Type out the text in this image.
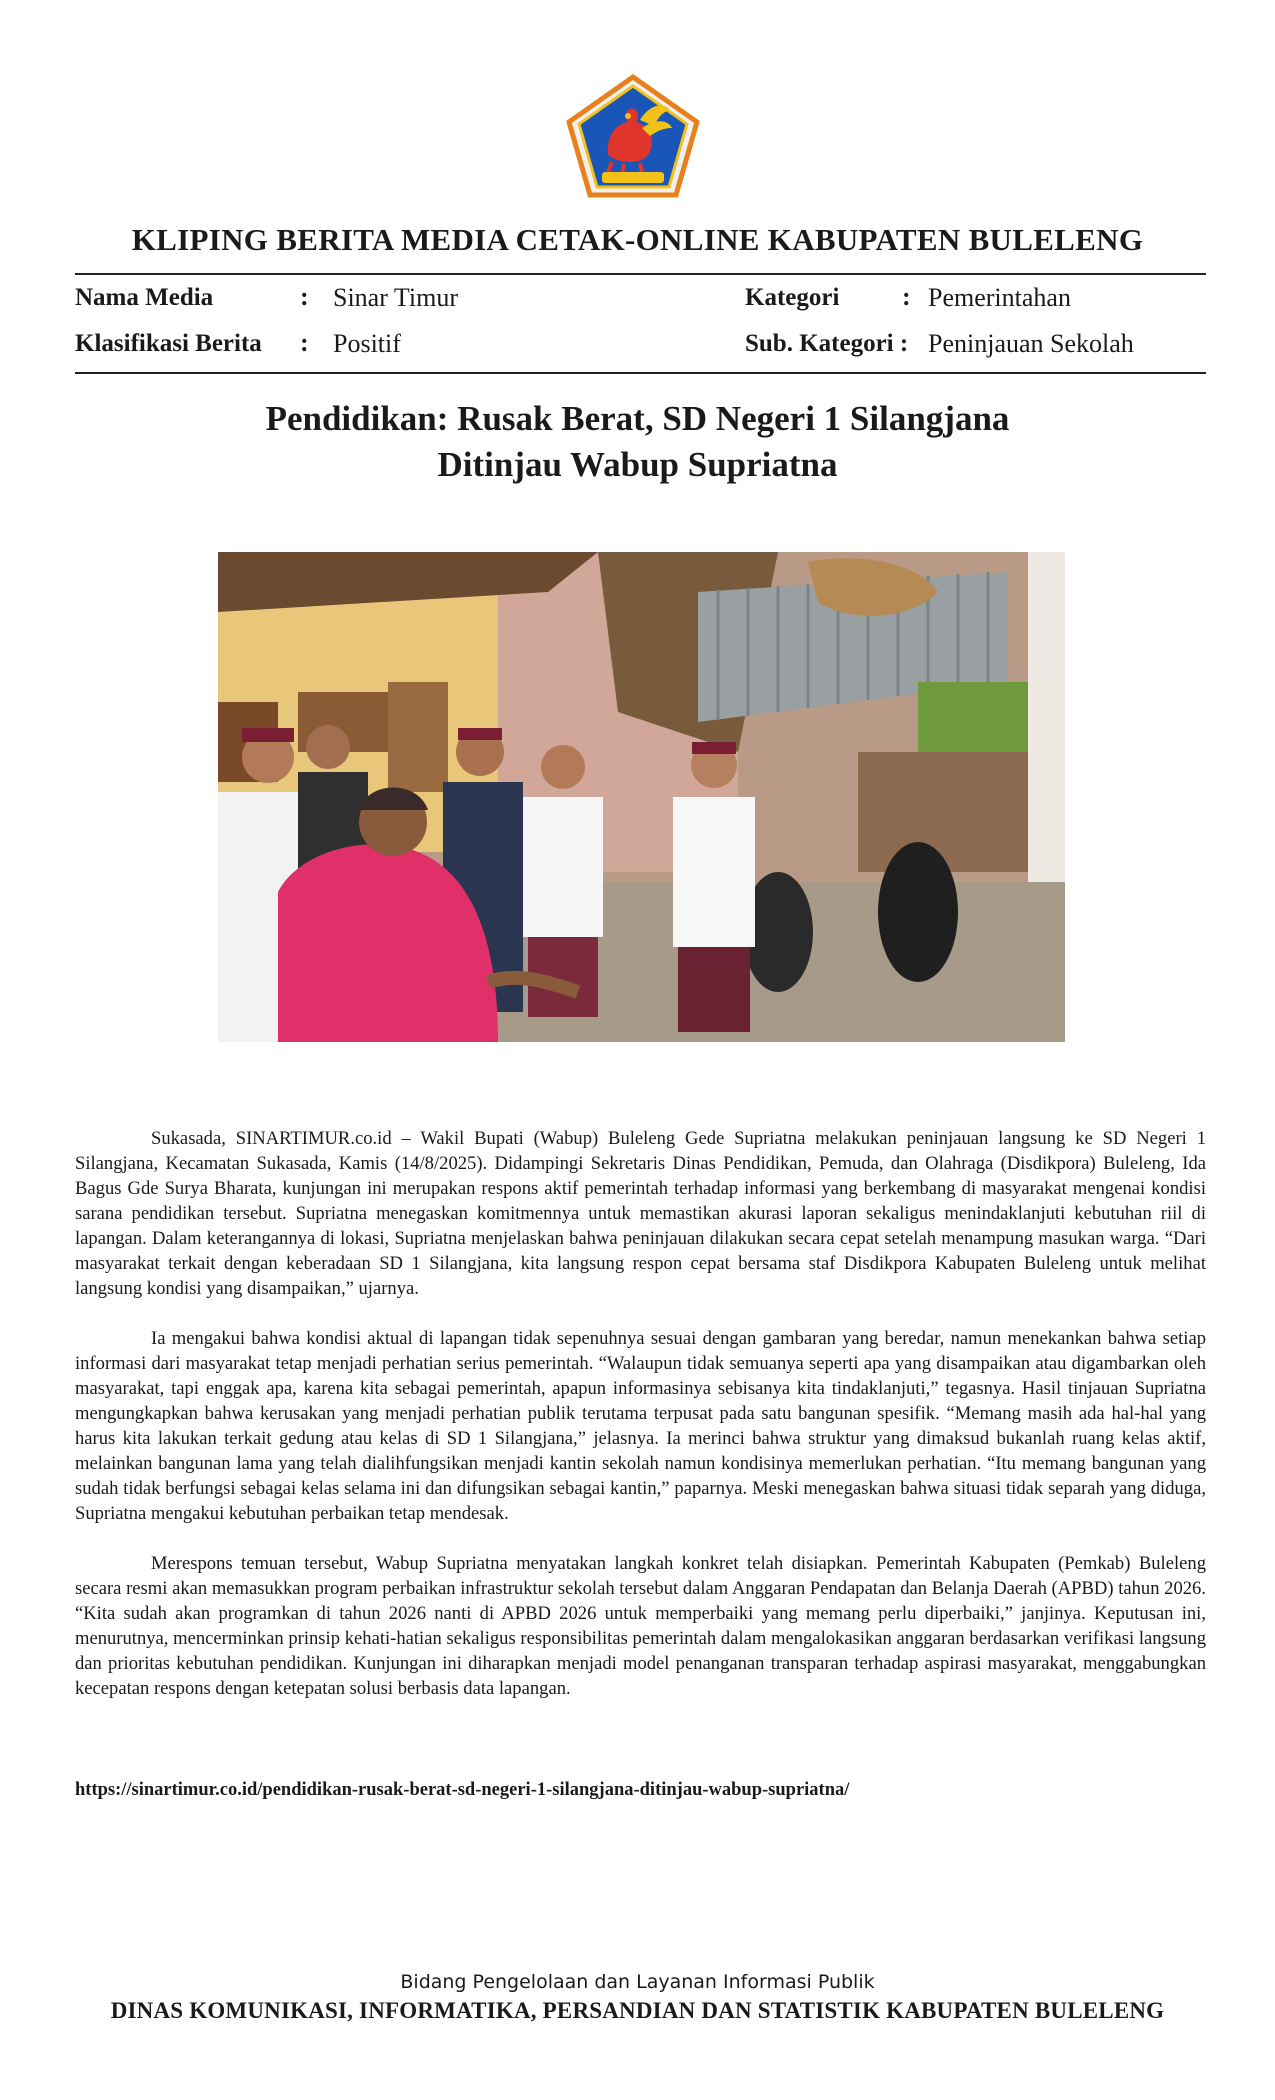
KLIPING BERITA MEDIA CETAK-ONLINE KABUPATEN BULELENG
Nama Media	: Sinar Timur	Kategori : Pemerintahan
Klasifikasi Berita : Positif	Sub. Kategori : Peninjauan Sekolah
Pendidikan: Rusak Berat, SD Negeri 1 Silangjana
Ditinjau Wabup Supriatna

Sukasada, SINARTIMUR.co.id – Wakil Bupati (Wabup) Buleleng Gede Supriatna melakukan peninjauan langsung ke SD Negeri 1 Silangjana, Kecamatan Sukasada, Kamis (14/8/2025). Didampingi Sekretaris Dinas Pendidikan, Pemuda, dan Olahraga (Disdikpora) Buleleng, Ida Bagus Gde Surya Bharata, kunjungan ini merupakan respons aktif pemerintah terhadap informasi yang berkembang di masyarakat mengenai kondisi sarana pendidikan tersebut. Supriatna menegaskan komitmennya untuk memastikan akurasi laporan sekaligus menindaklanjuti kebutuhan riil di lapangan. Dalam keterangannya di lokasi, Supriatna menjelaskan bahwa peninjauan dilakukan secara cepat setelah menampung masukan warga. “Dari masyarakat terkait dengan keberadaan SD 1 Silangjana, kita langsung respon cepat bersama staf Disdikpora Kabupaten Buleleng untuk melihat langsung kondisi yang disampaikan,” ujarnya.

Ia mengakui bahwa kondisi aktual di lapangan tidak sepenuhnya sesuai dengan gambaran yang beredar, namun menekankan bahwa setiap informasi dari masyarakat tetap menjadi perhatian serius pemerintah. “Walaupun tidak semuanya seperti apa yang disampaikan atau digambarkan oleh masyarakat, tapi enggak apa, karena kita sebagai pemerintah, apapun informasinya sebisanya kita tindaklanjuti,” tegasnya. Hasil tinjauan Supriatna mengungkapkan bahwa kerusakan yang menjadi perhatian publik terutama terpusat pada satu bangunan spesifik. “Memang masih ada hal-hal yang harus kita lakukan terkait gedung atau kelas di SD 1 Silangjana,” jelasnya. Ia merinci bahwa struktur yang dimaksud bukanlah ruang kelas aktif, melainkan bangunan lama yang telah dialihfungsikan menjadi kantin sekolah namun kondisinya memerlukan perhatian. “Itu memang bangunan yang sudah tidak berfungsi sebagai kelas selama ini dan difungsikan sebagai kantin,” paparnya. Meski menegaskan bahwa situasi tidak separah yang diduga, Supriatna mengakui kebutuhan perbaikan tetap mendesak.

Merespons temuan tersebut, Wabup Supriatna menyatakan langkah konkret telah disiapkan. Pemerintah Kabupaten (Pemkab) Buleleng secara resmi akan memasukkan program perbaikan infrastruktur sekolah tersebut dalam Anggaran Pendapatan dan Belanja Daerah (APBD) tahun 2026. “Kita sudah akan programkan di tahun 2026 nanti di APBD 2026 untuk memperbaiki yang memang perlu diperbaiki,” janjinya. Keputusan ini, menurutnya, mencerminkan prinsip kehati-hatian sekaligus responsibilitas pemerintah dalam mengalokasikan anggaran berdasarkan verifikasi langsung dan prioritas kebutuhan pendidikan. Kunjungan ini diharapkan menjadi model penanganan transparan terhadap aspirasi masyarakat, menggabungkan kecepatan respons dengan ketepatan solusi berbasis data lapangan.

https://sinartimur.co.id/pendidikan-rusak-berat-sd-negeri-1-silangjana-ditinjau-wabup-supriatna/
Bidang Pengelolaan dan Layanan Informasi Publik
DINAS KOMUNIKASI, INFORMATIKA, PERSANDIAN DAN STATISTIK KABUPATEN BULELENG
